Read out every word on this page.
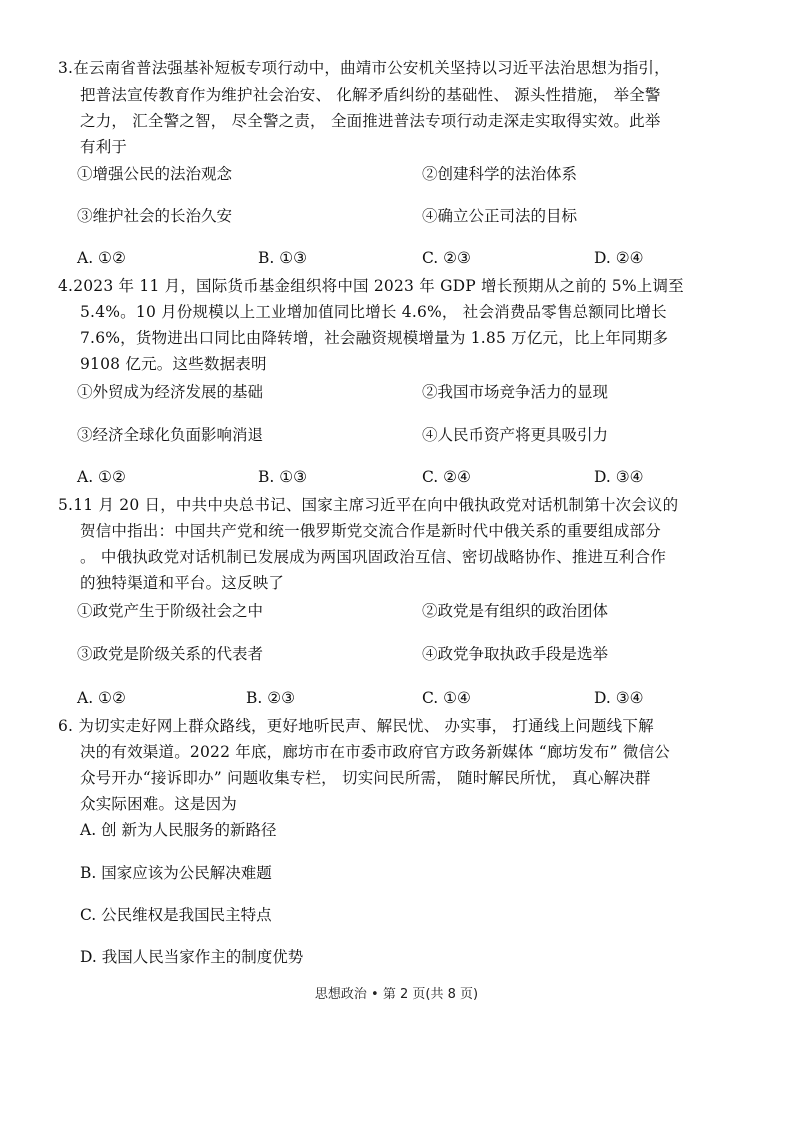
3.在云南省普法强基补短板专项行动中，曲靖市公安机关坚持以习近平法治思想为指引，
把普法宣传教育作为维护社会治安、 化解矛盾纠纷的基础性、 源头性措施， 举全警
之力， 汇全警之智， 尽全警之责， 全面推进普法专项行动走深走实取得实效。此举
有利于
①增强公民的法治观念	②创建科学的法治体系
③维护社会的长治久安	④确立公正司法的目标
A. ①②	B. ①③	C. ②③	D. ②④
4.2023 年 11 月，国际货币基金组织将中国 2023 年 GDP 增长预期从之前的 5%上调至
5.4%。10 月份规模以上工业增加值同比增长 4.6%， 社会消费品零售总额同比增长
7.6%，货物进出口同比由降转增，社会融资规模增量为 1.85 万亿元，比上年同期多
9108 亿元。这些数据表明
①外贸成为经济发展的基础	②我国市场竞争活力的显现
③经济全球化负面影响消退	④人民币资产将更具吸引力
A. ①②	B. ①③	C. ②④	D. ③④
5.11 月 20 日，中共中央总书记、国家主席习近平在向中俄执政党对话机制第十次会议的
贺信中指出：中国共产党和统一俄罗斯党交流合作是新时代中俄关系的重要组成部分
。 中俄执政党对话机制已发展成为两国巩固政治互信、密切战略协作、推进互利合作
的独特渠道和平台。这反映了
①政党产生于阶级社会之中	②政党是有组织的政治团体
③政党是阶级关系的代表者	④政党争取执政手段是选举
A. ①②	B. ②③	C. ①④	D. ③④
6. 为切实走好网上群众路线，更好地听民声、解民忧、 办实事， 打通线上问题线下解
决的有效渠道。2022 年底，廊坊市在市委市政府官方政务新媒体 “廊坊发布” 微信公
众号开办“接诉即办” 问题收集专栏， 切实问民所需， 随时解民所忧， 真心解决群
众实际困难。这是因为
A. 创 新为人民服务的新路径
B. 国家应该为公民解决难题
C. 公民维权是我国民主特点
D. 我国人民当家作主的制度优势
思想政治 • 第 2 页(共 8 页)
